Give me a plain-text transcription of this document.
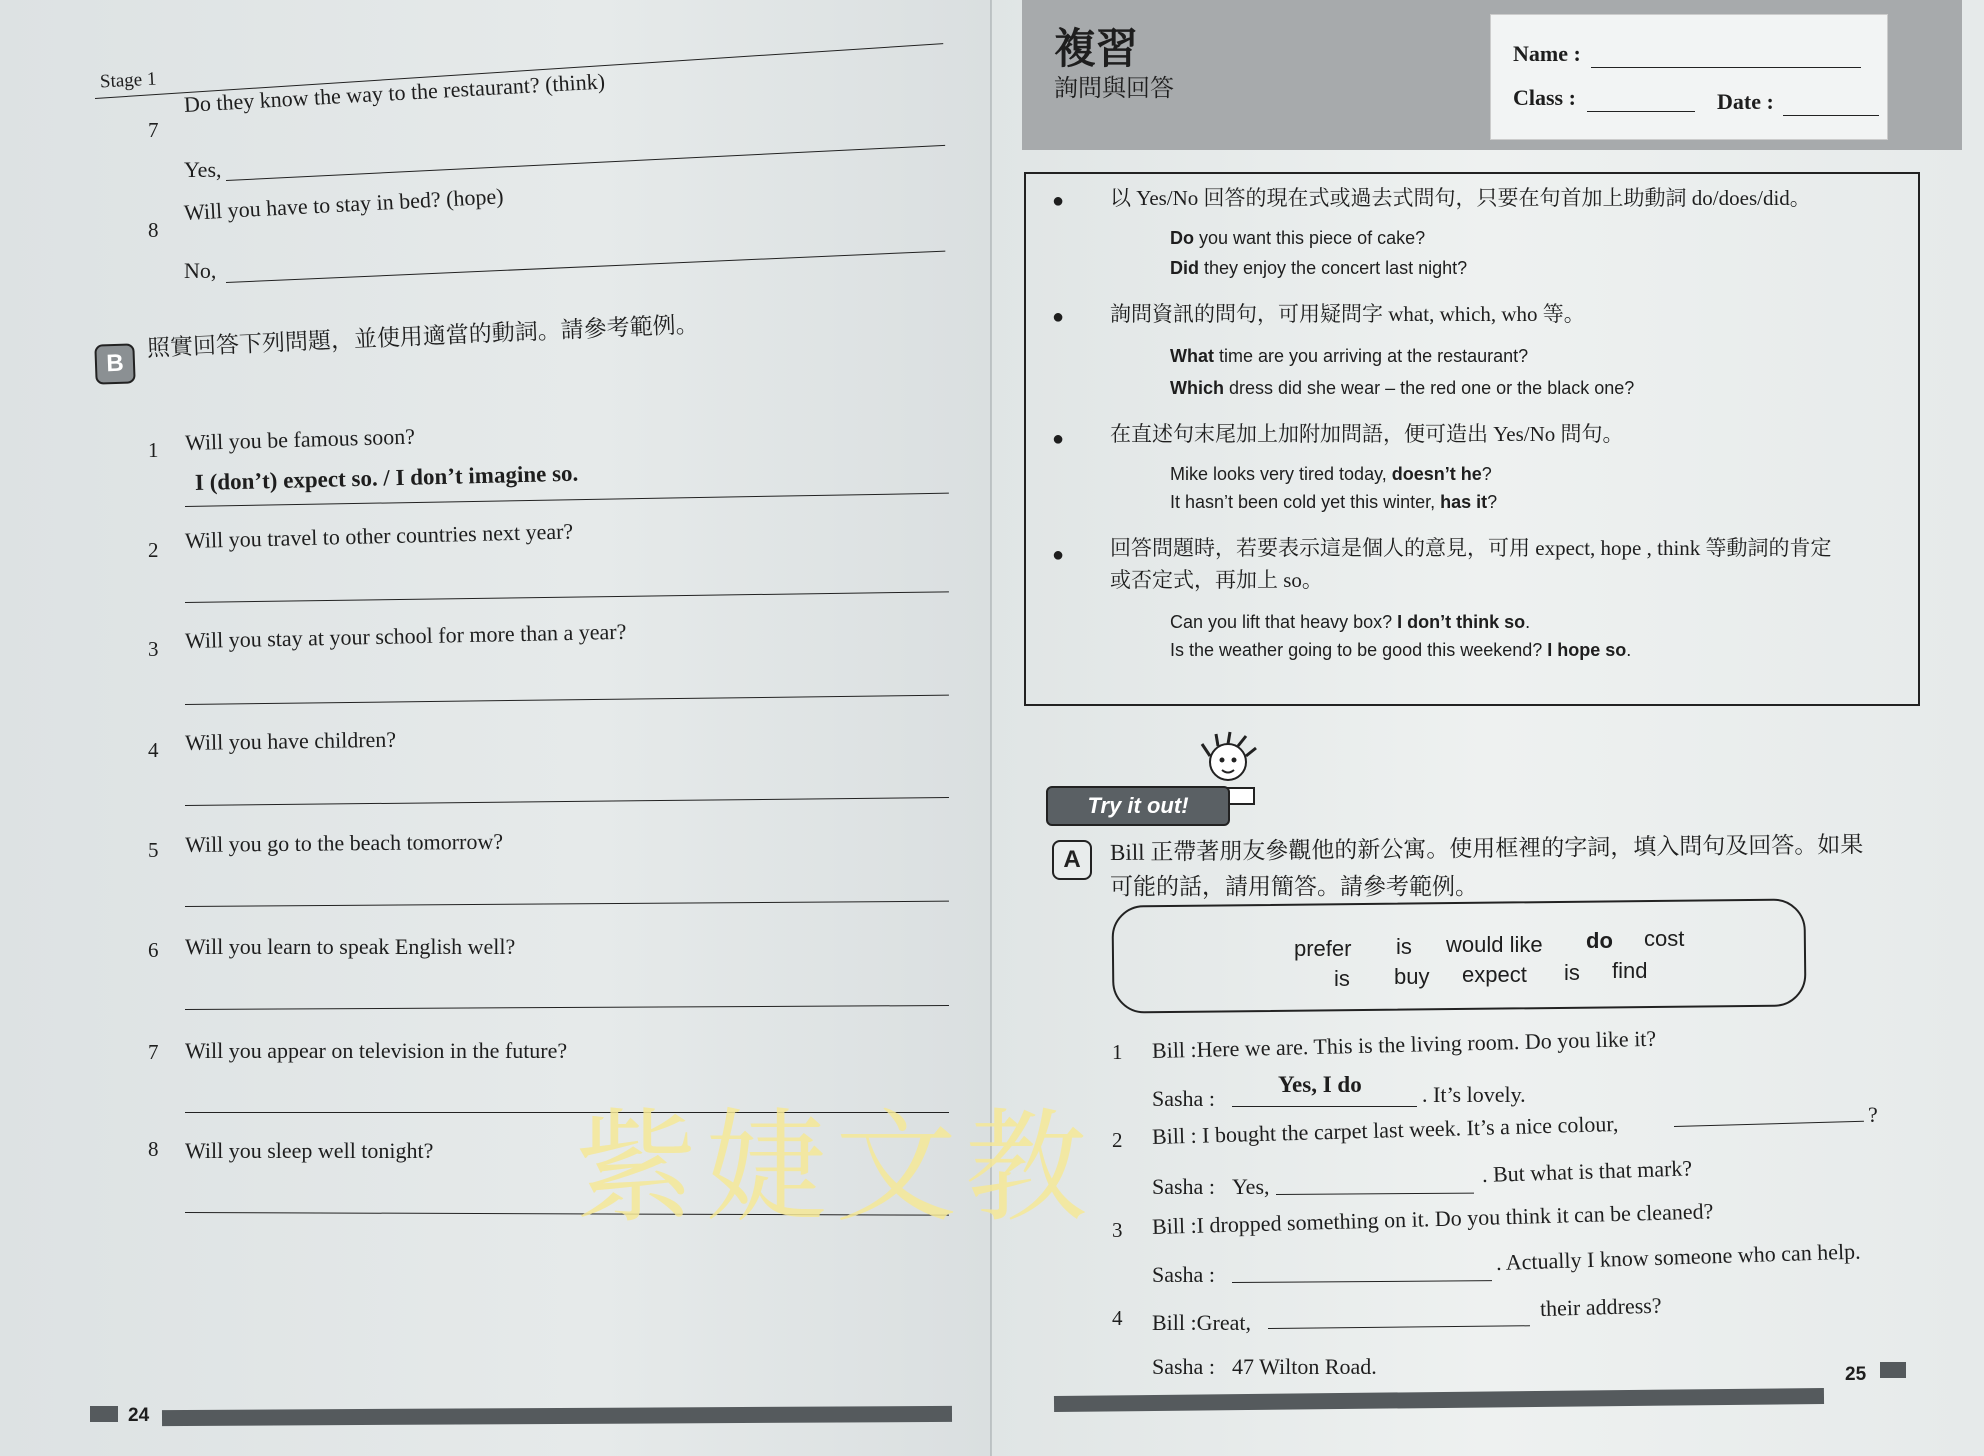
Stage 1
7
Do they know the way to the restaurant? (think)
Yes,
8
Will you have to stay in bed? (hope)
No,
B
照實回答下列問題，並使用適當的動詞。請參考範例。
1 Will you be famous soon?
I (don’t) expect so. / I don’t imagine so.
2 Will you travel to other countries next year?
3 Will you stay at your school for more than a year?
4 Will you have children?
5 Will you go to the beach tomorrow?
6 Will you learn to speak English well?
7 Will you appear on television in the future?
8 Will you sleep well tonight?
24
複習
詢問與回答
Name :
Class :	Date :
● 以 Yes/No 回答的現在式或過去式問句，只要在句首加上助動詞 do/does/did。
Do you want this piece of cake?
Did they enjoy the concert last night?
● 詢問資訊的問句，可用疑問字 what, which, who 等。
What time are you arriving at the restaurant?
Which dress did she wear – the red one or the black one?
● 在直述句末尾加上加附加問語，便可造出 Yes/No 問句。
Mike looks very tired today, doesn’t he?
It hasn’t been cold yet this winter, has it?
● 回答問題時，若要表示這是個人的意見，可用 expect, hope , think 等動詞的肯定
或否定式，再加上 so。
Can you lift that heavy box? I don’t think so.
Is the weather going to be good this weekend? I hope so.
Try it out!
A	Bill 正帶著朋友參觀他的新公寓。使用框裡的字詞，填入問句及回答。如果
可能的話，請用簡答。請參考範例。
prefer is would like do cost
is buy expect is find
1 Bill :Here we are. This is the living room. Do you like it?
Sasha :
Yes, I do	. It’s lovely.
2 Bill : I bought the carpet last week. It’s a nice colour,	?
Sasha : Yes,	. But what is that mark?
3 Bill :I dropped something on it. Do you think it can be cleaned?
Sasha :	. Actually I know someone who can help.
4 Bill :Great,
their address?
Sasha : 47 Wilton Road.	25
紫婕文教
